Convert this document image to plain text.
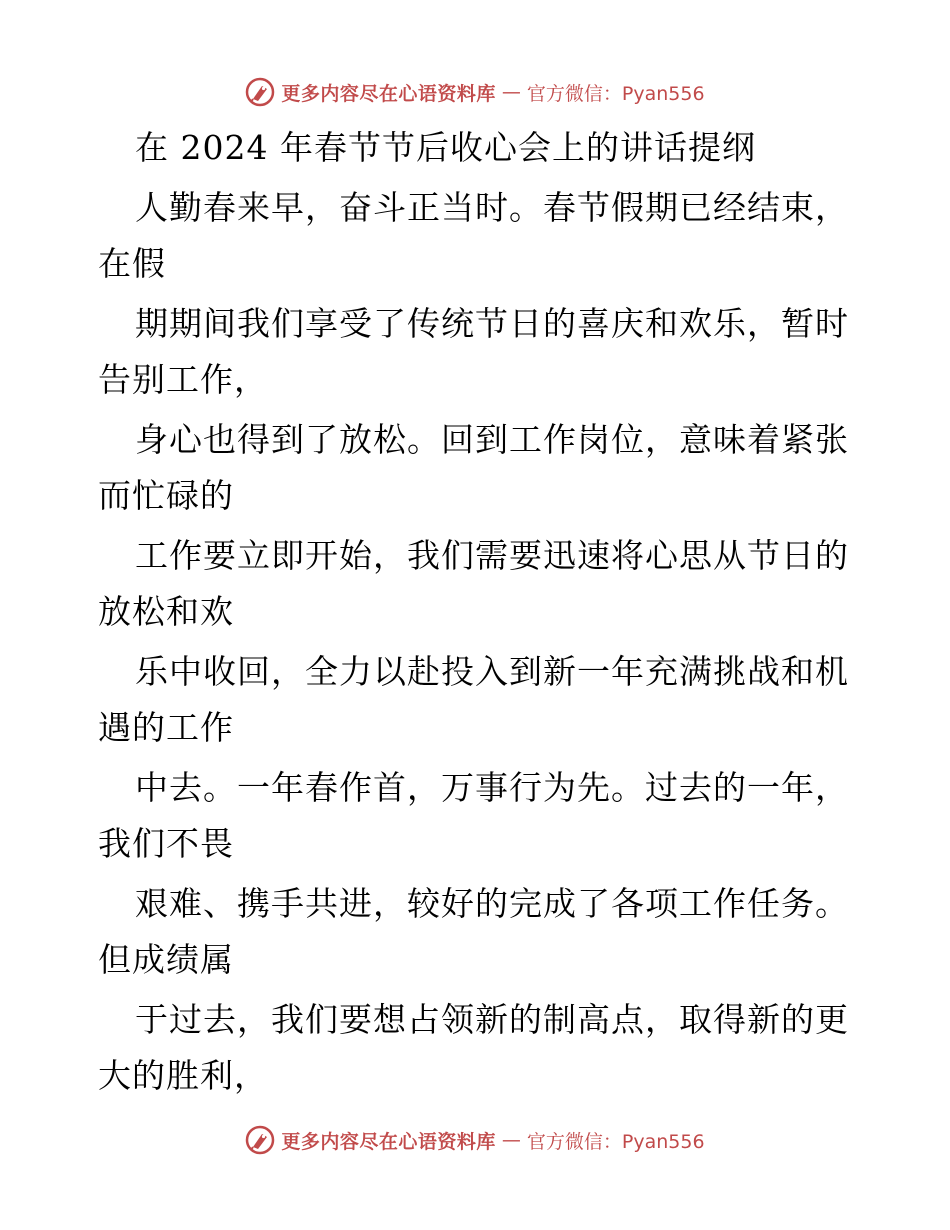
更多内容尽在心语资料库 — 官方微信：Pyan556
在 2024 年春节节后收心会上的讲话提纲
人勤春来早，奋斗正当时。春节假期已经结束，
在假
期期间我们享受了传统节日的喜庆和欢乐，暂时
告别工作，
身心也得到了放松。回到工作岗位，意味着紧张
而忙碌的
工作要立即开始，我们需要迅速将心思从节日的
放松和欢
乐中收回，全力以赴投入到新一年充满挑战和机
遇的工作
中去。一年春作首，万事行为先。过去的一年，
我们不畏
艰难、携手共进，较好的完成了各项工作任务。
但成绩属
于过去，我们要想占领新的制高点，取得新的更
大的胜利，
更多内容尽在心语资料库 — 官方微信：Pyan556
